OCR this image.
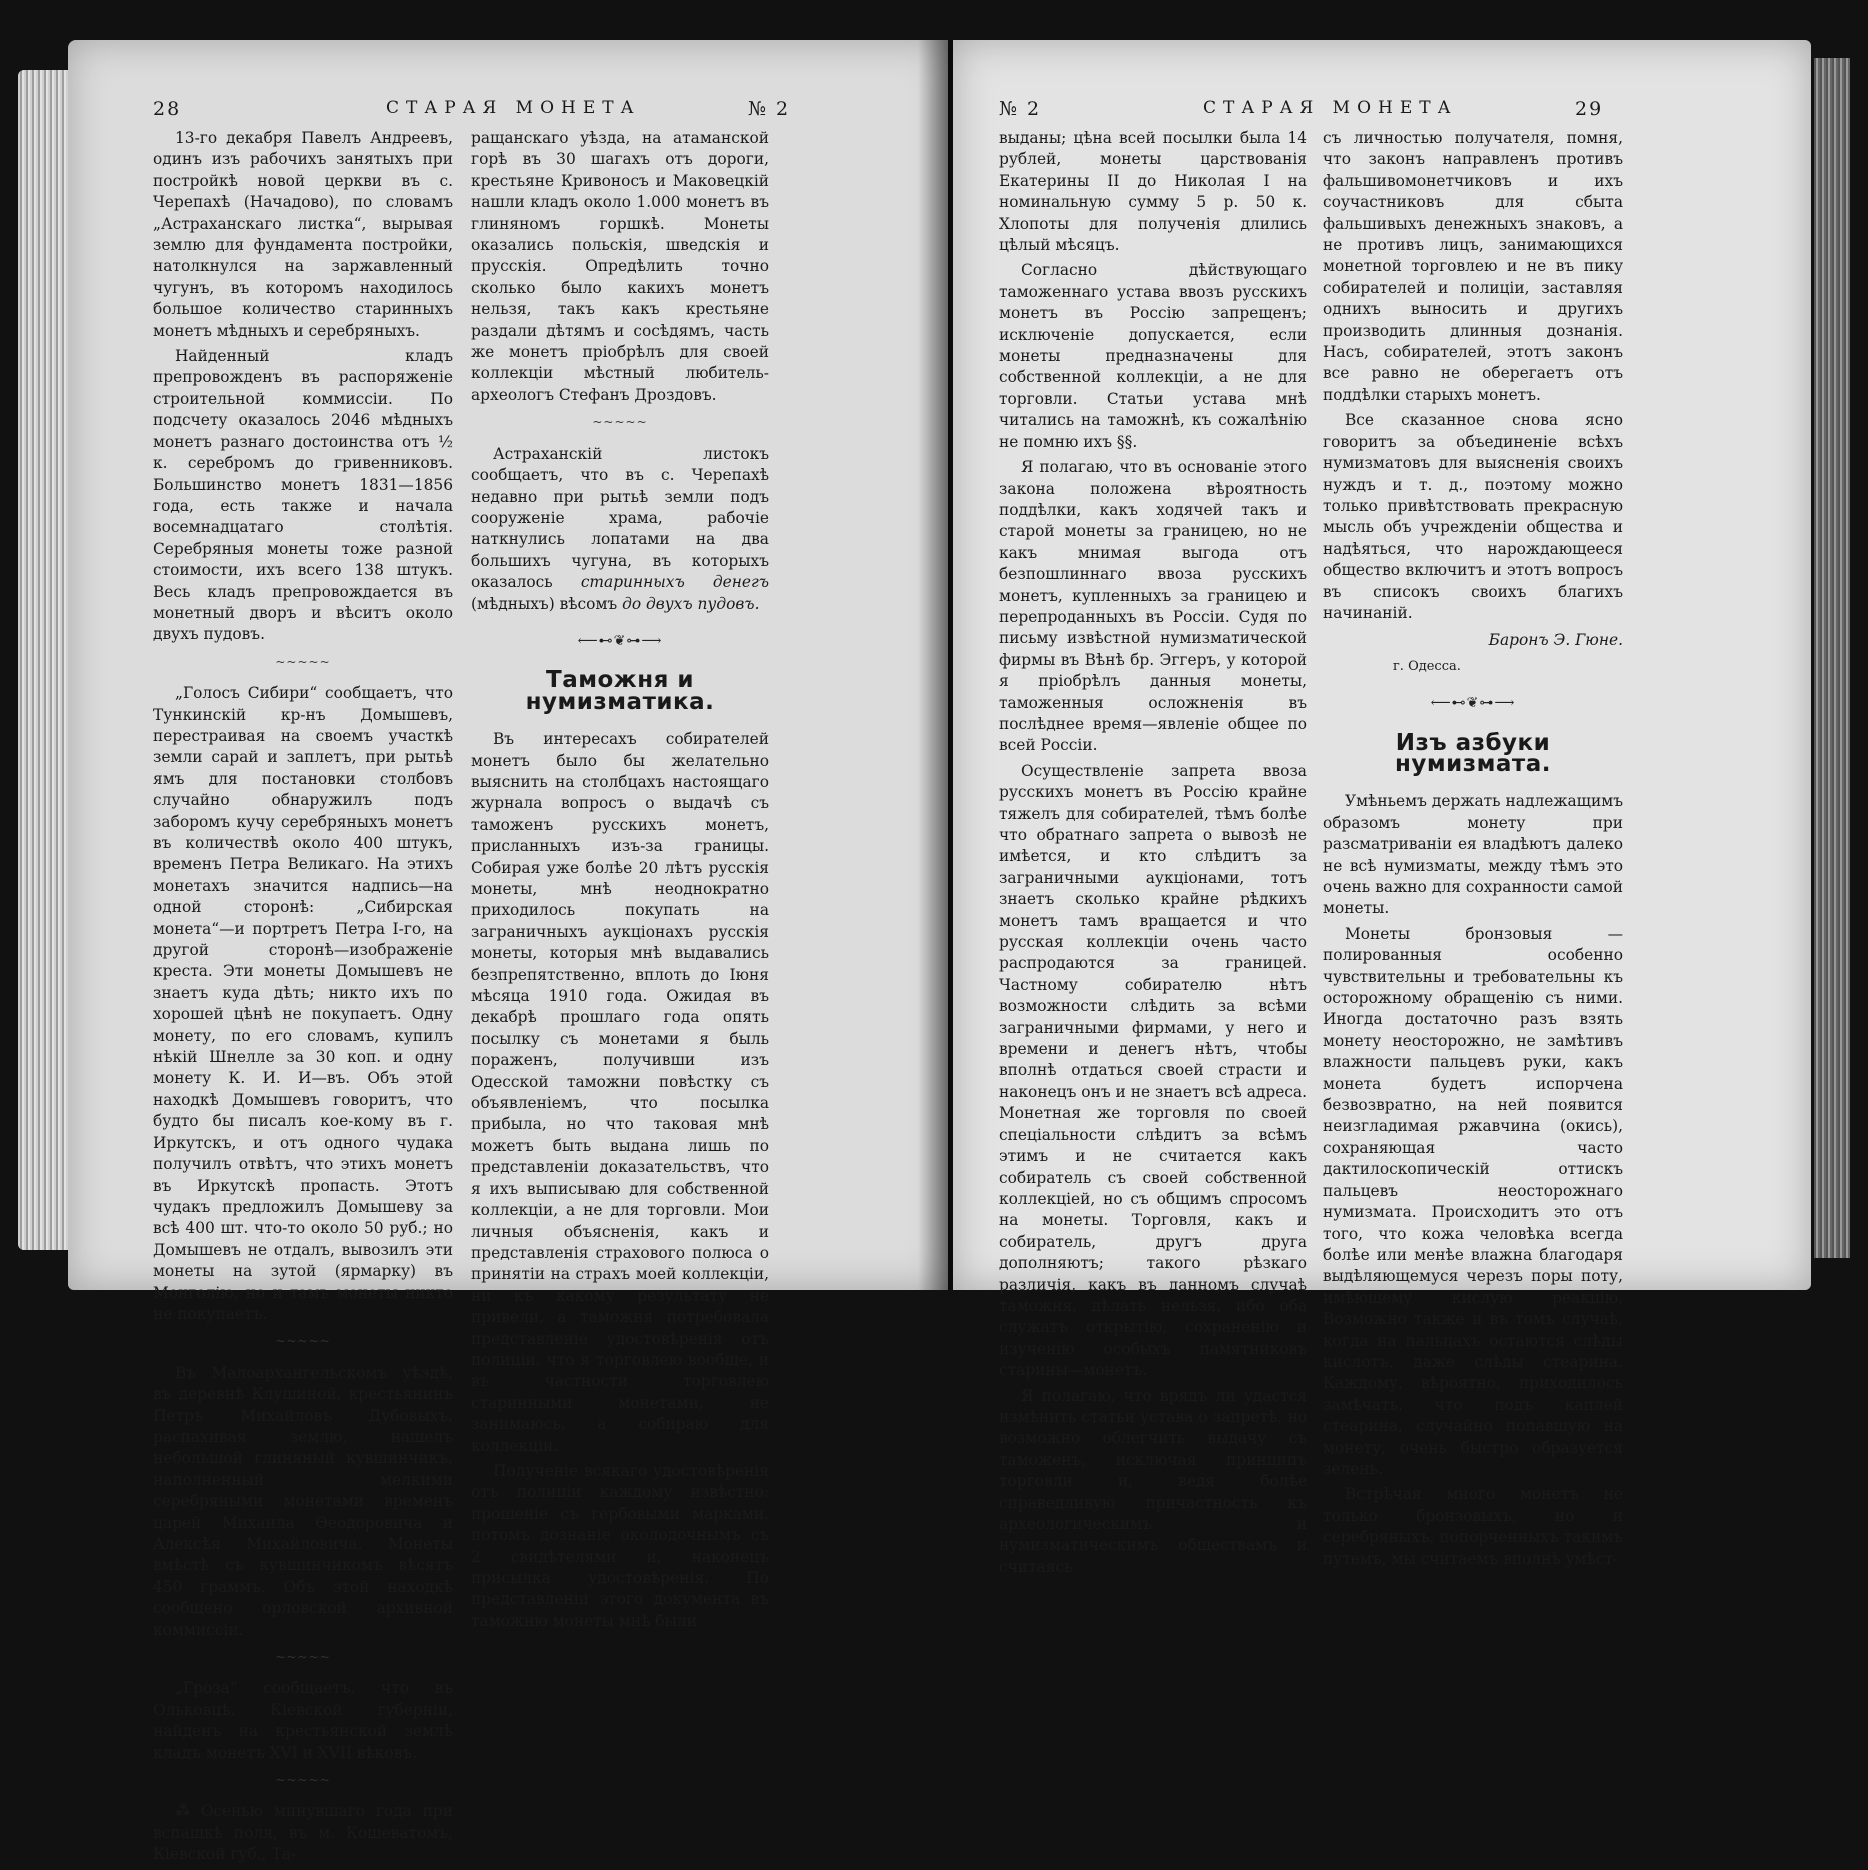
28	СТАРАЯ МОНЕТА	№ 2

13-го декабря Павелъ Андреевъ, одинъ изъ рабочихъ занятыхъ при постройкѣ новой церкви въ с. Черепахѣ (Начадово), по словамъ „Астраханскаго листка“, вырывая землю для фундамента постройки, натолкнулся на заржавленный чугунъ, въ которомъ находилось большое количество старинныхъ монетъ мѣдныхъ и серебряныхъ.

Найденный кладъ препровожденъ въ распоряженіе строительной коммиссіи. По подсчету оказалось 2046 мѣдныхъ монетъ разнаго достоинства отъ ½ к. серебромъ до гривенниковъ. Большинство монетъ 1831—1856 года, есть также и начала восемнадцатаго столѣтія. Серебряныя монеты тоже разной стоимости, ихъ всего 138 штукъ. Весь кладъ препровождается въ монетный дворъ и вѣситъ около двухъ пудовъ.

~~~~~

„Голосъ Сибири“ сообщаетъ, что Тункинскій кр-нъ Домышевъ, перестраивая на своемъ участкѣ земли сарай и заплетъ, при рытьѣ ямъ для постановки столбовъ случайно обнаружилъ подъ заборомъ кучу серебряныхъ монетъ въ количествѣ около 400 штукъ, временъ Петра Великаго. На этихъ монетахъ значится надпись—на одной сторонѣ: „Сибирская монета“—и портретъ Петра I-го, на другой сторонѣ—изображеніе креста. Эти монеты Домышевъ не знаетъ куда дѣть; никто ихъ по хорошей цѣнѣ не покупаетъ. Одну монету, по его словамъ, купилъ нѣкій Шнелле за 30 коп. и одну монету К. И. И—въ. Объ этой находкѣ Домышевъ говоритъ, что будто бы писалъ кое-кому въ г. Иркутскъ, и отъ одного чудака получилъ отвѣтъ, что этихъ монетъ въ Иркутскѣ пропасть. Этотъ чудакъ предложилъ Домышеву за всѣ 400 шт. что-то около 50 руб.; но Домышевъ не отдалъ, вывозилъ эти монеты на зутой (ярмарку) въ Монголію, но и тамъ монеты никто не покупаетъ.

~~~~~

Въ Малоархангельскомъ уѣздѣ, въ деревнѣ Клушиной, крестьянинъ Петръ Михайловъ Дубовыхъ, распахивая землю, нашелъ небольшой глиняный кувшинчикъ, наполненный мелкими серебряными монетами временъ царей Михаила Ѳеодоровича и Алексѣя Михайловича. Монеты вмѣстѣ съ кувшинчикомъ вѣсятъ 450 граммъ. Объ этой находкѣ сообщено орловской архивной коммиссіи.

~~~~~

„Гроза“ сообщаетъ, что въ Ольковцѣ, Кіевской губерніи, найденъ на крестьянской землѣ кладъ монетъ XVI и XVII вѣковъ.

~~~~~

⁂ Осенью минувшаго года при вспашкѣ поля, въ м. Кошеватомъ, Кіевской губ., Та-

ращанскаго уѣзда, на атаманской горѣ въ 30 шагахъ отъ дороги, крестьяне Кривоносъ и Маковецкій нашли кладъ около 1.000 монетъ въ глиняномъ горшкѣ. Монеты оказались польскія, шведскія и прусскія. Опредѣлить точно сколько было какихъ монетъ нельзя, такъ какъ крестьяне раздали дѣтямъ и сосѣдямъ, часть же монетъ пріобрѣлъ для своей коллекціи мѣстный любитель-археологъ Стефанъ Дроздовъ.

~~~~~

Астраханскій листокъ сообщаетъ, что въ с. Черепахѣ недавно при рытьѣ земли подъ сооруженіе храма, рабочіе наткнулись лопатами на два большихъ чугуна, въ которыхъ оказалось старинныхъ денегъ (мѣдныхъ) вѣсомъ до двухъ пудовъ.

⟵⊷❦⊶⟶
Таможня и нумизматика.

Въ интересахъ собирателей монетъ было бы желательно выяснить на столбцахъ настоящаго журнала вопросъ о выдачѣ съ таможенъ русскихъ монетъ, присланныхъ изъ-за границы. Собирая уже болѣе 20 лѣтъ русскія монеты, мнѣ неоднократно приходилось покупать на заграничныхъ аукціонахъ русскія монеты, которыя мнѣ выдавались безпрепятственно, вплоть до Іюня мѣсяца 1910 года. Ожидая въ декабрѣ прошлаго года опять посылку съ монетами я быль пораженъ, получивши изъ Одесской таможни повѣстку съ объявленіемъ, что посылка прибыла, но что таковая мнѣ можетъ быть выдана лишь по представленіи доказательствъ, что я ихъ выписываю для собственной коллекціи, а не для торговли. Мои личныя объясненія, какъ и представленія страхового полюса о принятіи на страхъ моей коллекціи, ни къ какому результату не привели, а таможня потребовала представленіе удостовѣренія отъ полиціи, что я торговлею вообще, и въ частности торговлею старинными монетами, не занимаюсь, а собираю для коллекціи.

Полученіе всякаго удостовѣренія отъ полиціи каждому извѣстно: прошеніе съ гербовыми марками, потомъ дознаніе околодочнымъ съ 2 свидѣтелями и, наконецъ присылка удостовѣренія. По представленіи этого документа въ таможню монеты мнѣ были

№ 2	СТАРАЯ МОНЕТА	29

выданы; цѣна всей посылки была 14 рублей, монеты царствованія Екатерины II до Николая I на номинальную сумму 5 р. 50 к. Хлопоты для полученія длились цѣлый мѣсяцъ.

Согласно дѣйствующаго таможеннаго устава ввозъ русскихъ монетъ въ Россію запрещенъ; исключеніе допускается, если монеты предназначены для собственной коллекціи, а не для торговли. Статьи устава мнѣ читались на таможнѣ, къ сожалѣнію не помню ихъ §§.

Я полагаю, что въ основаніе этого закона положена вѣроятность поддѣлки, какъ ходячей такъ и старой монеты за границею, но не какъ мнимая выгода отъ безпошлиннаго ввоза русскихъ монетъ, купленныхъ за границею и перепроданныхъ въ Россіи. Судя по письму извѣстной нумизматической фирмы въ Вѣнѣ бр. Эггеръ, у которой я пріобрѣлъ данныя монеты, таможенныя осложненія въ послѣднее время—явленіе общее по всей Россіи.

Осуществленіе запрета ввоза русскихъ монетъ въ Россію крайне тяжелъ для собирателей, тѣмъ болѣе что обратнаго запрета о вывозѣ не имѣется, и кто слѣдитъ за заграничными аукціонами, тотъ знаетъ сколько крайне рѣдкихъ монетъ тамъ вращается и что русская коллекціи очень часто распродаются за границей. Частному собирателю нѣтъ возможности слѣдить за всѣми заграничными фирмами, у него и времени и денегъ нѣтъ, чтобы вполнѣ отдаться своей страсти и наконецъ онъ и не знаетъ всѣ адреса. Монетная же торговля по своей спеціальности слѣдитъ за всѣмъ этимъ и не считается какъ собиратель съ своей собственной коллекціей, но съ общимъ спросомъ на монеты. Торговля, какъ и собиратель, другъ друга дополняютъ; такого рѣзкаго различія, какъ въ данномъ случаѣ таможня, дѣлать нельзя, ибо оба служатъ открытію, сохраненію и изученію особыхъ памятниковъ старины—монетъ.

Я полагаю, что врядъ ли удастся измѣнить статьи устава о запретѣ, но возможно облегчить выдачу съ таможенъ, исключая принципъ торговли и, ведя болѣе справедливую причастность къ археологическимъ и нумизматическимъ обществамъ и считаясь

съ личностью получателя, помня, что законъ направленъ противъ фальшивомонетчиковъ и ихъ соучастниковъ для сбыта фальшивыхъ денежныхъ знаковъ, а не противъ лицъ, занимающихся монетной торговлею и не въ пику собирателей и полиціи, заставляя однихъ выносить и другихъ производить длинныя дознанія. Насъ, собирателей, этотъ законъ все равно не оберегаетъ отъ поддѣлки старыхъ монетъ.

Все сказанное снова ясно говоритъ за объединеніе всѣхъ нумизматовъ для выясненія своихъ нуждъ и т. д., поэтому можно только привѣтствовать прекрасную мысль объ учрежденіи общества и надѣяться, что нарождающееся общество включитъ и этотъ вопросъ въ списокъ своихъ благихъ начинаній.

Баронъ Э. Гюне.
г. Одесса.
⟵⊷❦⊶⟶
Изъ азбуки нумизмата.

Умѣньемъ держать надлежащимъ образомъ монету при разсматриваніи ея владѣютъ далеко не всѣ нумизматы, между тѣмъ это очень важно для сохранности самой монеты.

Монеты бронзовыя — полированныя особенно чувствительны и требовательны къ осторожному обращенію съ ними. Иногда достаточно разъ взять монету неосторожно, не замѣтивъ влажности пальцевъ руки, какъ монета будетъ испорчена безвозвратно, на ней появится неизгладимая ржавчина (окись), сохраняющая часто дактилоскопическій оттискъ пальцевъ неосторожнаго нумизмата. Происходитъ это отъ того, что кожа человѣка всегда болѣе или менѣе влажна благодаря выдѣляющемуся черезъ поры поту, имѣющему кислую реакцію. Возможно также и въ томъ случаѣ, когда на пальцахъ остаются слѣды кислотъ, даже слѣды стеарина. Каждому, вѣроятно, приходилось замѣчать, что подъ каплей стеарина, случайно попавшую на монету, очень быстро образуется зелень.

Встрѣчая много монетъ не только бронзовыхъ, но и серебряныхъ, попорченныхъ такимъ путемъ, мы считаемъ вполнѣ умѣст-
